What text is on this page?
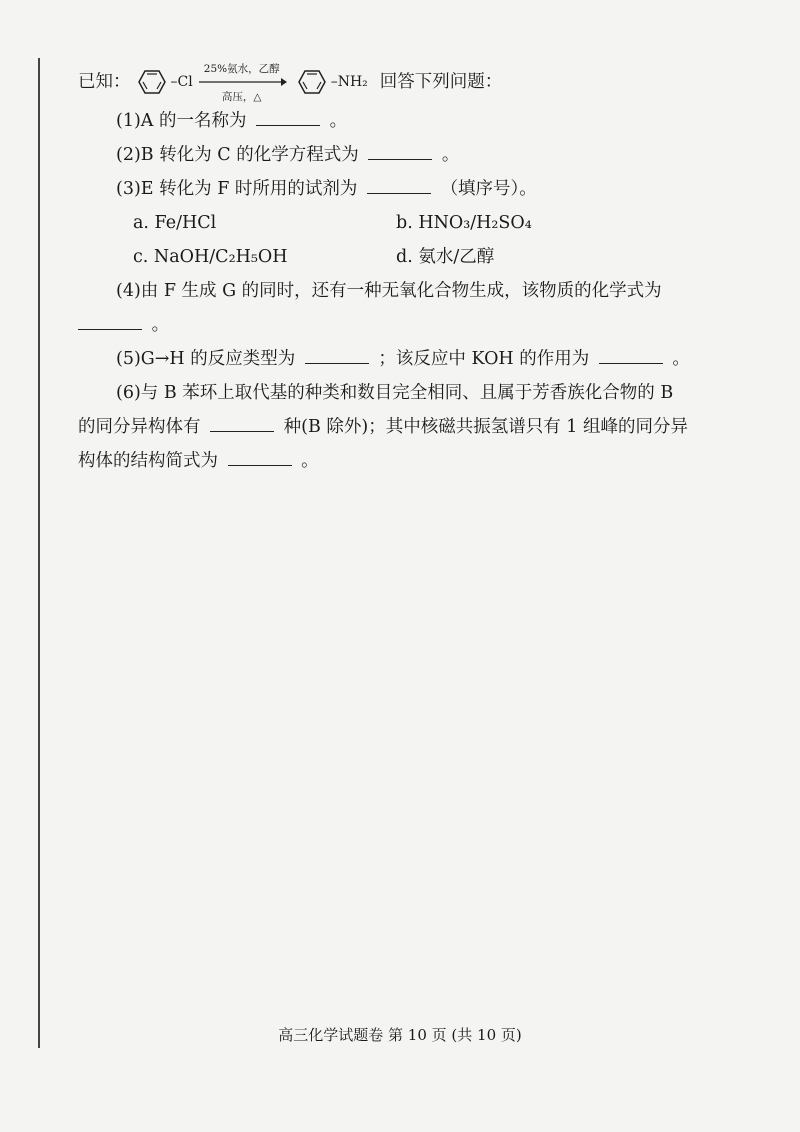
已知：	–Cl
25%氨水，乙醇
高压，△
–NH₂ 回答下列问题：
(1)A 的一名称为	。
(2)B 转化为 C 的化学方程式为	。
(3)E 转化为 F 时所用的试剂为	（填序号）。
a. Fe/HCl	b. HNO₃/H₂SO₄
c. NaOH/C₂H₅OH	d. 氨水/乙醇
(4)由 F 生成 G 的同时，还有一种无氧化合物生成，该物质的化学式为
。
(5)G→H 的反应类型为	；该反应中 KOH 的作用为	。
(6)与 B 苯环上取代基的种类和数目完全相同、且属于芳香族化合物的 B
的同分异构体有	种(B 除外)；其中核磁共振氢谱只有 1 组峰的同分异
构体的结构简式为	。
高三化学试题卷 第 10 页 (共 10 页)
